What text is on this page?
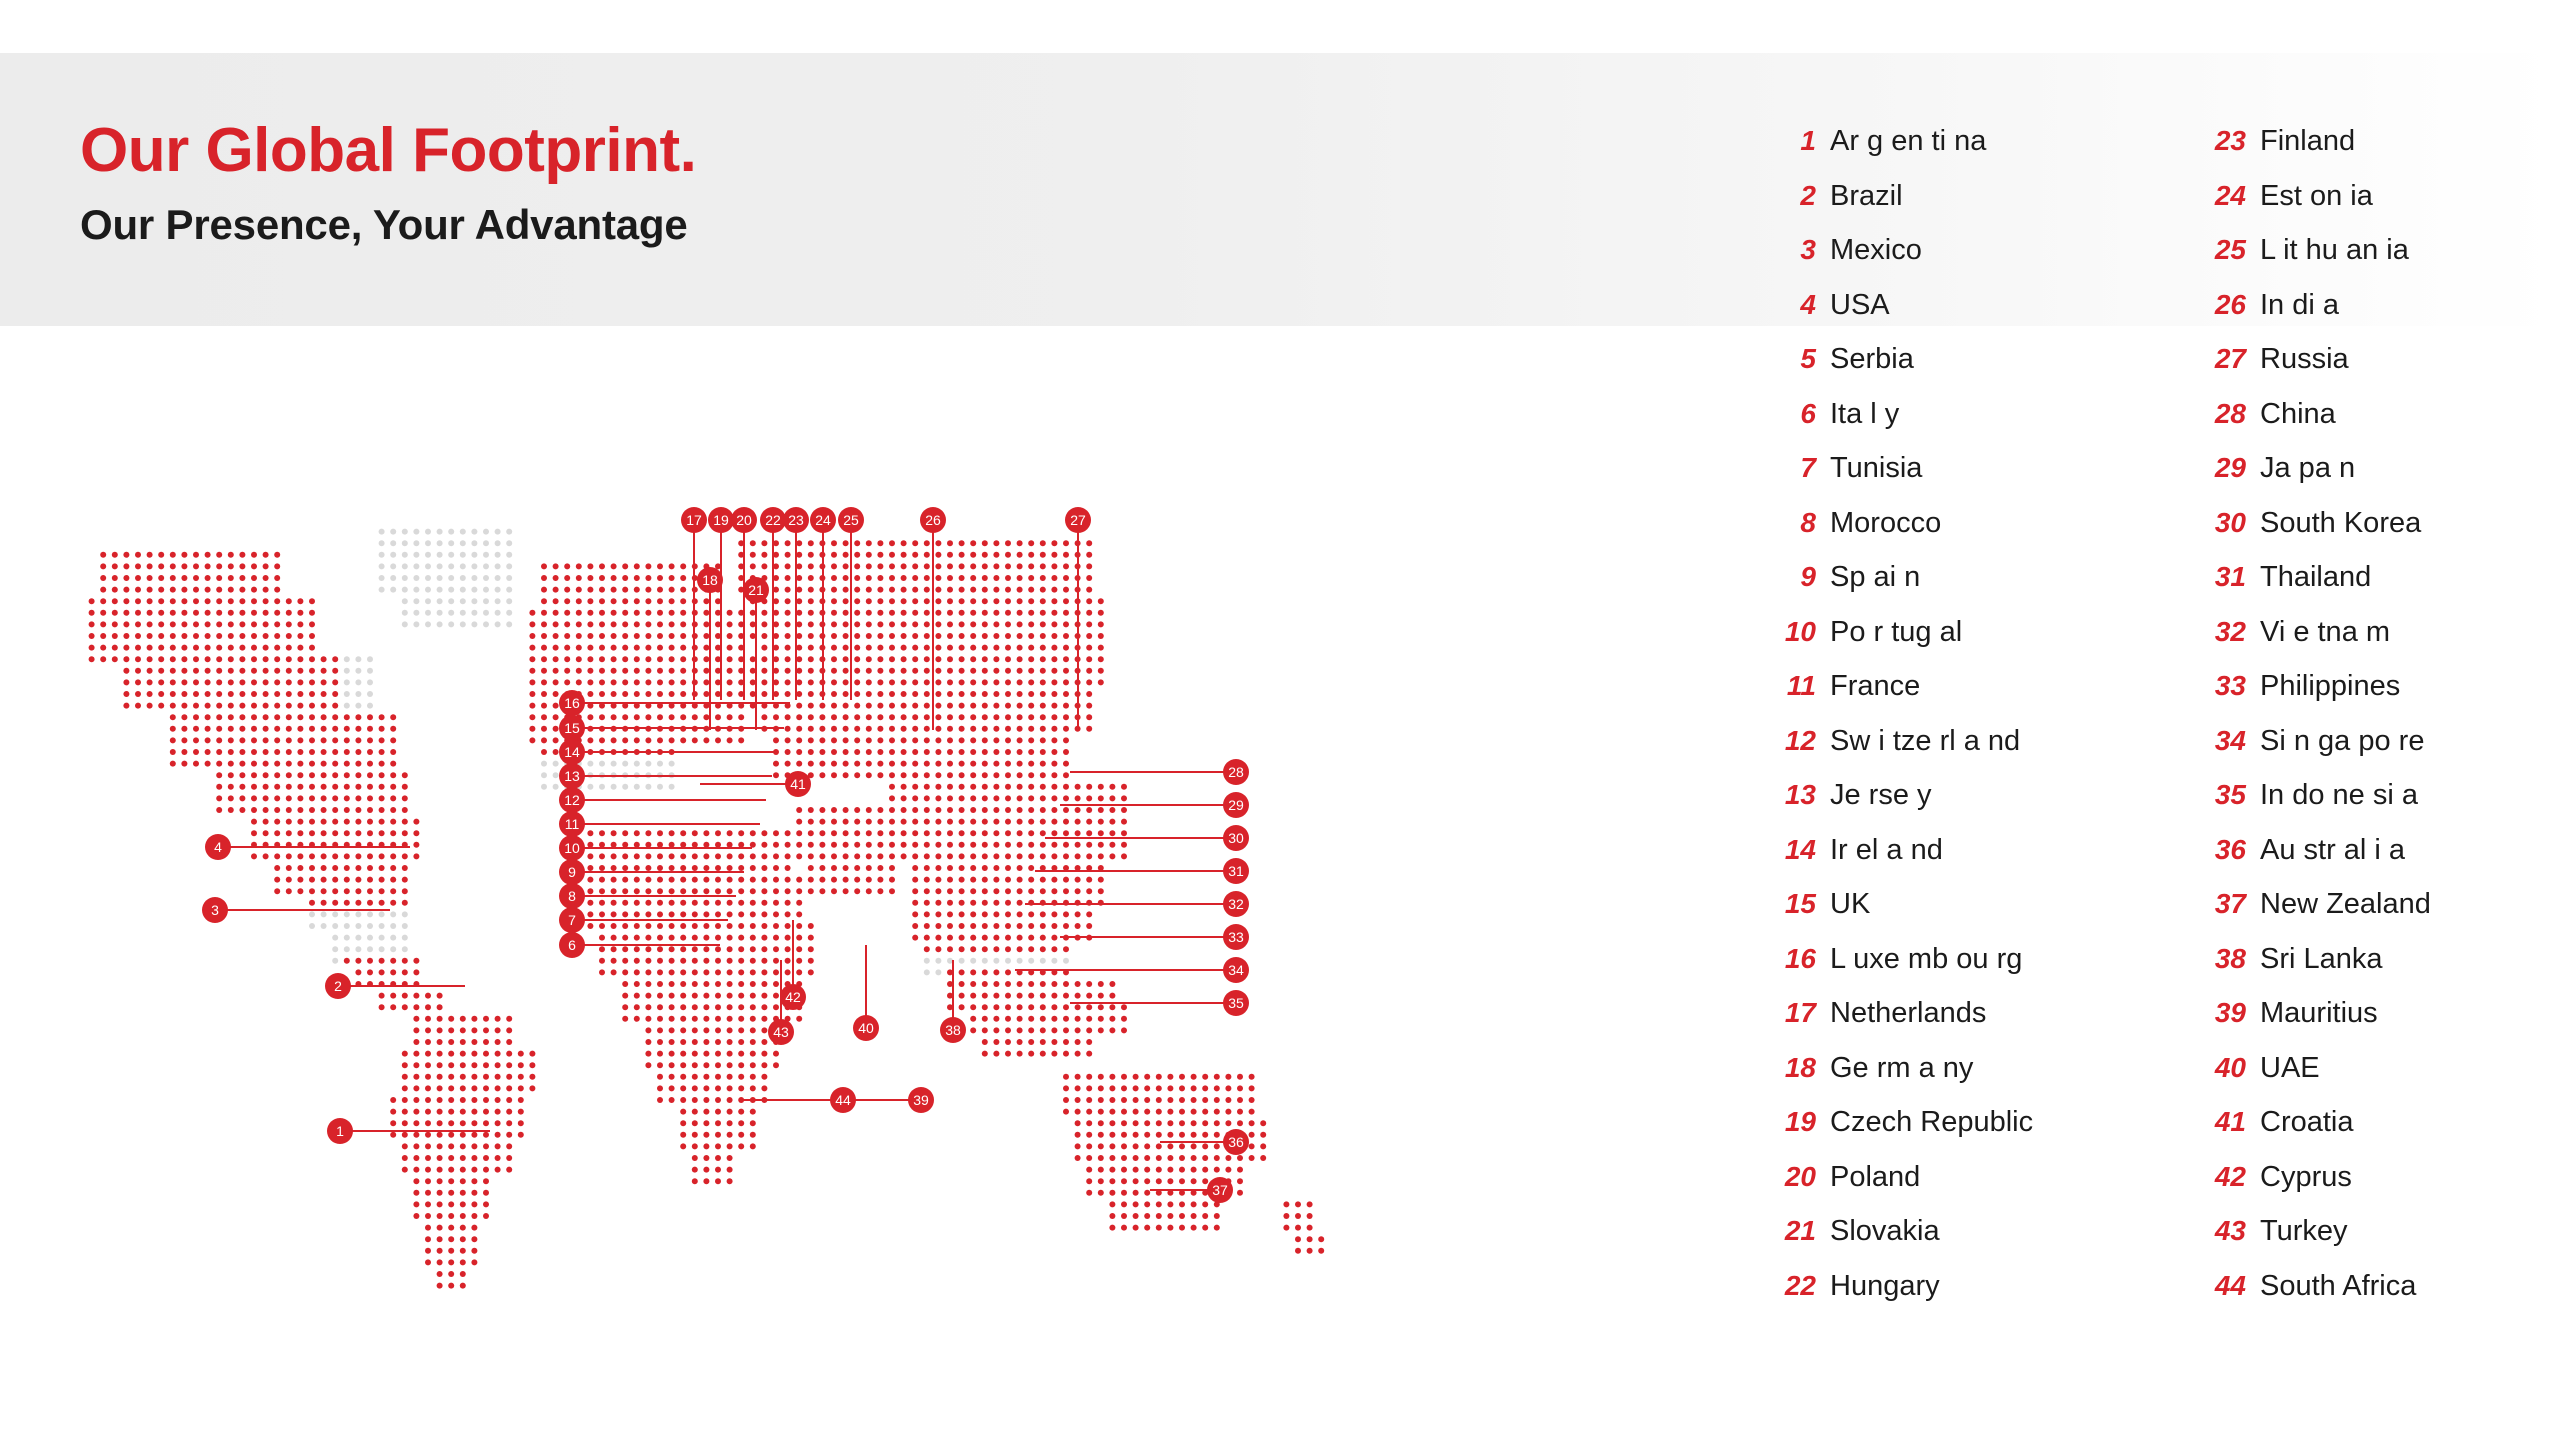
Our Global Footprint.
Our Presence, Your Advantage
1
2
3
4
6
7
8
9
10
11
12
13
14
15
16
17
18
19 20
21
22 23 24 25	26	27
28
29
30
31
32
33
34
35
36
37
38
39
40
41
42
43
44
1 Ar g en ti na
2 Brazil
3 Mexico
4 USA
5 Serbia
6 Ita l y
7 Tunisia
8 Morocco
9 Sp ai n
10 Po r tug al
11 France
12 Sw i tze rl a nd
13 Je rse y
14 Ir el a nd
15 UK
16 L uxe mb ou rg
17 Netherlands
18 Ge rm a ny
19 Czech Republic
20 Poland
21 Slovakia
22 Hungary
23 Finland
24 Est on ia
25 L it hu an ia
26 In di a
27 Russia
28 China
29 Ja pa n
30 South Korea
31 Thailand
32 Vi e tna m
33 Philippines
34 Si n ga po re
35 In do ne si a
36 Au str al i a
37 New Zealand
38 Sri Lanka
39 Mauritius
40 UAE
41 Croatia
42 Cyprus
43 Turkey
44 South Africa
